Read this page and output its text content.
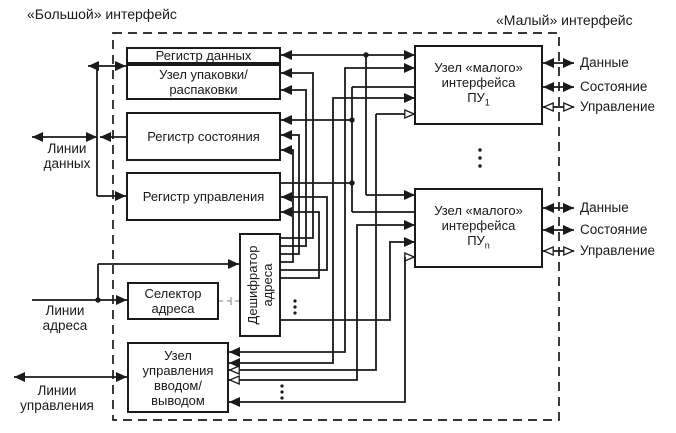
«Большой» интерфейс	«Малый» интерфейс
Регистр данных
Узел упаковки/
распаковки
Регистр состояния
Регистр управления
Селектор
адреса	Дешифратор адреса
Узел
управления
вводом/
выводом
Узел «малого»
интерфейса
$ПУ_1$
Узел «малого»
интерфейса
$ПУ_n$
Линии
данных
Линии
адреса
Линии
управления
Данные
Состояние
Управление
Данные
Состояние
Управление
